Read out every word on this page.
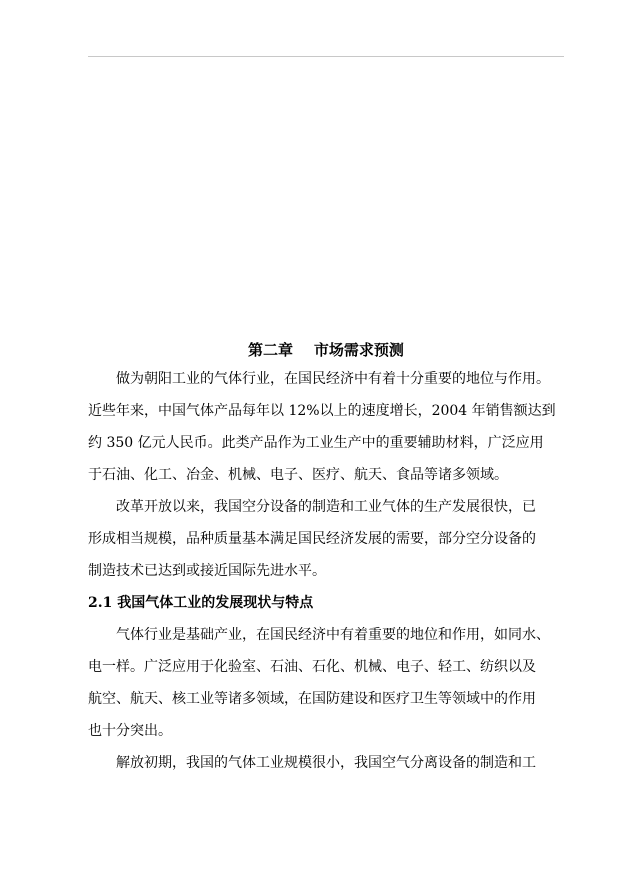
第二章    市场需求预测
　　做为朝阳工业的气体行业，在国民经济中有着十分重要的地位与作用。
近些年来，中国气体产品每年以 12%以上的速度增长，2004 年销售额达到
约 350 亿元人民币。此类产品作为工业生产中的重要辅助材料，广泛应用
于石油、化工、冶金、机械、电子、医疗、航天、食品等诸多领域。
　　改革开放以来，我国空分设备的制造和工业气体的生产发展很快，已
形成相当规模，品种质量基本满足国民经济发展的需要，部分空分设备的
制造技术已达到或接近国际先进水平。
2.1 我国气体工业的发展现状与特点
　　气体行业是基础产业，在国民经济中有着重要的地位和作用，如同水、
电一样。广泛应用于化验室、石油、石化、机械、电子、轻工、纺织以及
航空、航天、核工业等诸多领域，在国防建设和医疗卫生等领域中的作用
也十分突出。
　　解放初期，我国的气体工业规模很小，我国空气分离设备的制造和工
